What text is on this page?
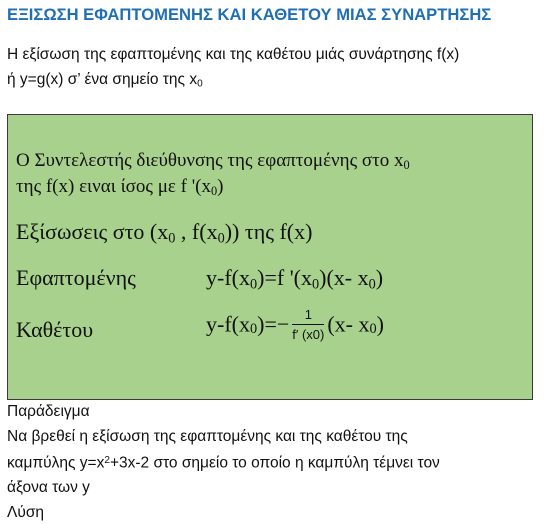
ΕΞΙΣΩΣΗ ΕΦΑΠΤΟΜΕΝΗΣ ΚΑΙ ΚΑΘΕΤΟΥ ΜΙΑΣ ΣΥΝΑΡΤΗΣΗΣ
Η εξίσωση της εφαπτομένης και της καθέτου μιάς συνάρτησης f(x)
ή y=g(x) σ’ ένα σημείο της $x_0$
Ο Συντελεστής διεύθυνσης της εφαπτομένης στο $x_0$
της f(x) ειναι ίσος με f '$(x_0)$
Εξίσωσεις στο ($x_0$ , $f(x_0)$) της f(x)
Εφαπτομένης	$y-f(x_0)=f$ '$(x_0)(x-$ $x_0$)
Καθέτου	$y-f(x_0)=- \frac{1}{f' (x0)} (x-$ $x_0$)
Παράδειγμα
Να βρεθεί η εξίσωση της εφαπτομένης και της καθέτου της
καμπύλης $y=x^2+3x-2$ στο σημείο το οποίο η καμπύλη τέμνει τον
άξονα των y
Λύση
